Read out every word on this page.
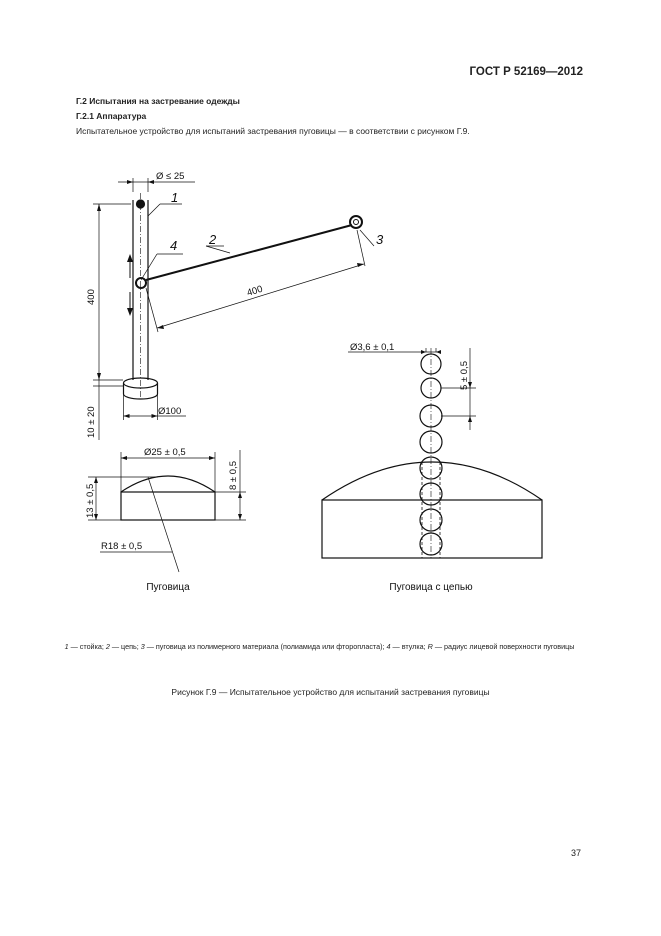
ГОСТ Р 52169—2012
Г.2 Испытания на застревание одежды
Г.2.1 Аппаратура
Испытательное устройство для испытаний застревания пуговицы — в соответствии с рисунком Г.9.
Ø ≤ 25
1
4 2	3
400	400
10 ± 20	Ø100
Ø25 ± 0,5
13 ± 0,5
8 ± 0,5
R18 ± 0,5
Ø3,6 ± 0,1
5 ± 0,5
Пуговица	Пуговица с цепью
1 — стойка; 2 — цепь; 3 — пуговица из полимерного материала (полиамида или фторопласта); 4 — втулка; R — радиус лицевой поверхности пуговицы
Рисунок Г.9 — Испытательное устройство для испытаний застревания пуговицы
37
